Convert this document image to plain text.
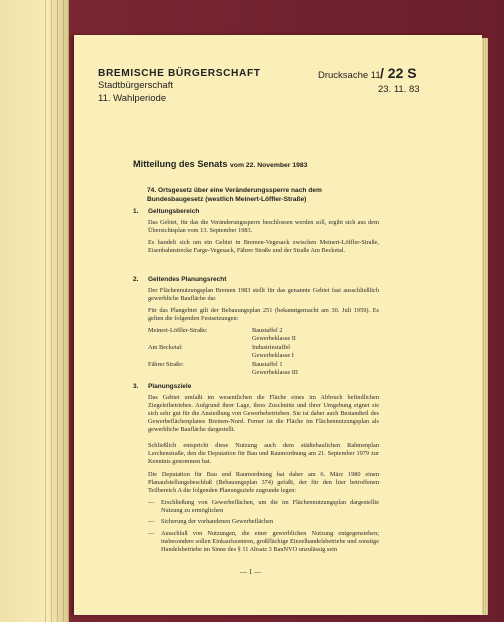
BREMISCHE BÜRGERSCHAFT
Stadtbürgerschaft
11. Wahlperiode
Drucksache 11 / 22 S
23. 11. 83
Mitteilung des Senats vom 22. November 1983
74. Ortsgesetz über eine Veränderungssperre nach dem Bundesbaugesetz (westlich Meinert-Löffler-Straße)
1. Geltungsbereich
Das Gebiet, für das die Veränderungssperre beschlossen werden soll, ergibt sich aus dem Übersichtsplan vom 13. September 1983.
Es handelt sich um ein Gebiet in Bremen-Vegesack zwischen Meinert-Löffler-Straße, Eisenbahnstrecke Farge-Vegesack, Fährer Straße und der Straße Am Becketal.
2. Geltendes Planungsrecht
Der Flächennutzungsplan Bremen 1983 stellt für das genannte Gebiet fast ausschließlich gewerbliche Baufläche dar.
Für das Plangebiet gilt der Bebauungsplan 251 (bekanntgemacht am 30. Juli 1959). Es gelten die folgenden Festsetzungen:
Meinert-Löffler-Straße:	Baustaffel 2
Gewerbeklasse II
Am Becketal:	Industriestaffel
Gewerbeklasse I
Fährer Straße:	Baustaffel 1
Gewerbeklasse III
3. Planungsziele
Das Gebiet umfaßt im wesentlichen die Fläche eines im Abbruch befindlichen Ziegeleibetriebes. Aufgrund ihrer Lage, ihres Zuschnitts und ihrer Umgebung eignet sie sich sehr gut für die Ansiedlung von Gewerbebetrieben. Sie ist daher auch Bestandteil des Gewerbeflächenplanes Bremen-Nord. Ferner ist die Fläche im Flächennutzungsplan als gewerbliche Baufläche dargestellt.
Schließlich entspricht diese Nutzung auch dem städtebaulichen Rahmenplan Lerchenstraße, den die Deputation für Bau und Raumordnung am 21. September 1979 zur Kenntnis genommen hat.
Die Deputation für Bau und Raumordnung hat daher am 6. März 1980 einen Planaufstellungsbeschluß (Bebauungsplan 374) gefaßt, der für den hier betroffenen Teilbereich A die folgenden Planungsziele zugrunde legen:
— Erschließung von Gewerbeflächen, um die im Flächennutzungsplan dargestellte Nutzung zu ermöglichen
— Sicherung der vorhandenen Gewerbeflächen
— Ausschluß von Nutzungen, die einer gewerblichen Nutzung entgegenstehen; insbesondere sollen Einkaufszentren, großflächige Einzelhandelsbetriebe und sonstige Handelsbetriebe im Sinne des § 11 Absatz 3 BauNVO unzulässig sein
— 1 —
